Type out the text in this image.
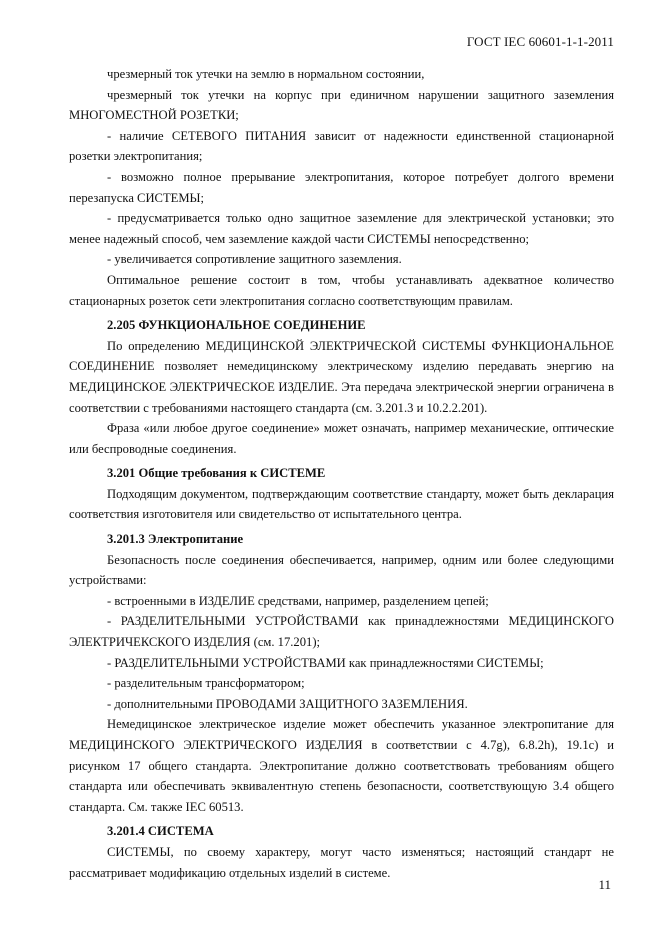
ГОСТ IEC 60601-1-1-2011

чрезмерный ток утечки на землю в нормальном состоянии,

чрезмерный ток утечки на корпус при единичном нарушении защитного заземления МНОГОМЕСТНОЙ РОЗЕТКИ;

- наличие СЕТЕВОГО ПИТАНИЯ зависит от надежности единственной стационарной розетки электропитания;

- возможно полное прерывание электропитания, которое потребует долгого времени перезапуска СИСТЕМЫ;

- предусматривается только одно защитное заземление для электрической установки; это менее надежный способ, чем заземление каждой части СИСТЕМЫ непосредственно;

- увеличивается сопротивление защитного заземления.

Оптимальное решение состоит в том, чтобы устанавливать адекватное количество стационарных розеток сети электропитания согласно соответствующим правилам.

2.205 ФУНКЦИОНАЛЬНОЕ СОЕДИНЕНИЕ

По определению МЕДИЦИНСКОЙ ЭЛЕКТРИЧЕСКОЙ СИСТЕМЫ ФУНКЦИОНАЛЬНОЕ СОЕДИНЕНИЕ позволяет немедицинскому электрическому изделию передавать энергию на МЕДИЦИНСКОЕ ЭЛЕКТРИЧЕСКОЕ ИЗДЕЛИЕ. Эта передача электрической энергии ограничена в соответствии с требованиями настоящего стандарта (см. 3.201.3 и 10.2.2.201).

Фраза «или любое другое соединение» может означать, например механические, оптические или беспроводные соединения.

3.201 Общие требования к СИСТЕМЕ

Подходящим документом, подтверждающим соответствие стандарту, может быть декларация соответствия изготовителя или свидетельство от испытательного центра.

3.201.3 Электропитание

Безопасность после соединения обеспечивается, например, одним или более следующими устройствами:

- встроенными в ИЗДЕЛИЕ средствами, например, разделением цепей;

- РАЗДЕЛИТЕЛЬНЫМИ УСТРОЙСТВАМИ как принадлежностями МЕДИЦИНСКОГО ЭЛЕКТРИЧЕКСКОГО ИЗДЕЛИЯ (см. 17.201);

- РАЗДЕЛИТЕЛЬНЫМИ УСТРОЙСТВАМИ как принадлежностями СИСТЕМЫ;

- разделительным трансформатором;

- дополнительными ПРОВОДАМИ ЗАЩИТНОГО ЗАЗЕМЛЕНИЯ.

Немедицинское электрическое изделие может обеспечить указанное электропитание для МЕДИЦИНСКОГО ЭЛЕКТРИЧЕСКОГО ИЗДЕЛИЯ в соответствии с 4.7g), 6.8.2h), 19.1c) и рисунком 17 общего стандарта. Электропитание должно соответствовать требованиям общего стандарта или обеспечивать эквивалентную степень безопасности, соответствующую 3.4 общего стандарта. См. также IEC 60513.

3.201.4 СИСТЕМА

СИСТЕМЫ, по своему характеру, могут часто изменяться; настоящий стандарт не рассматривает модификацию отдельных изделий в системе.

11
